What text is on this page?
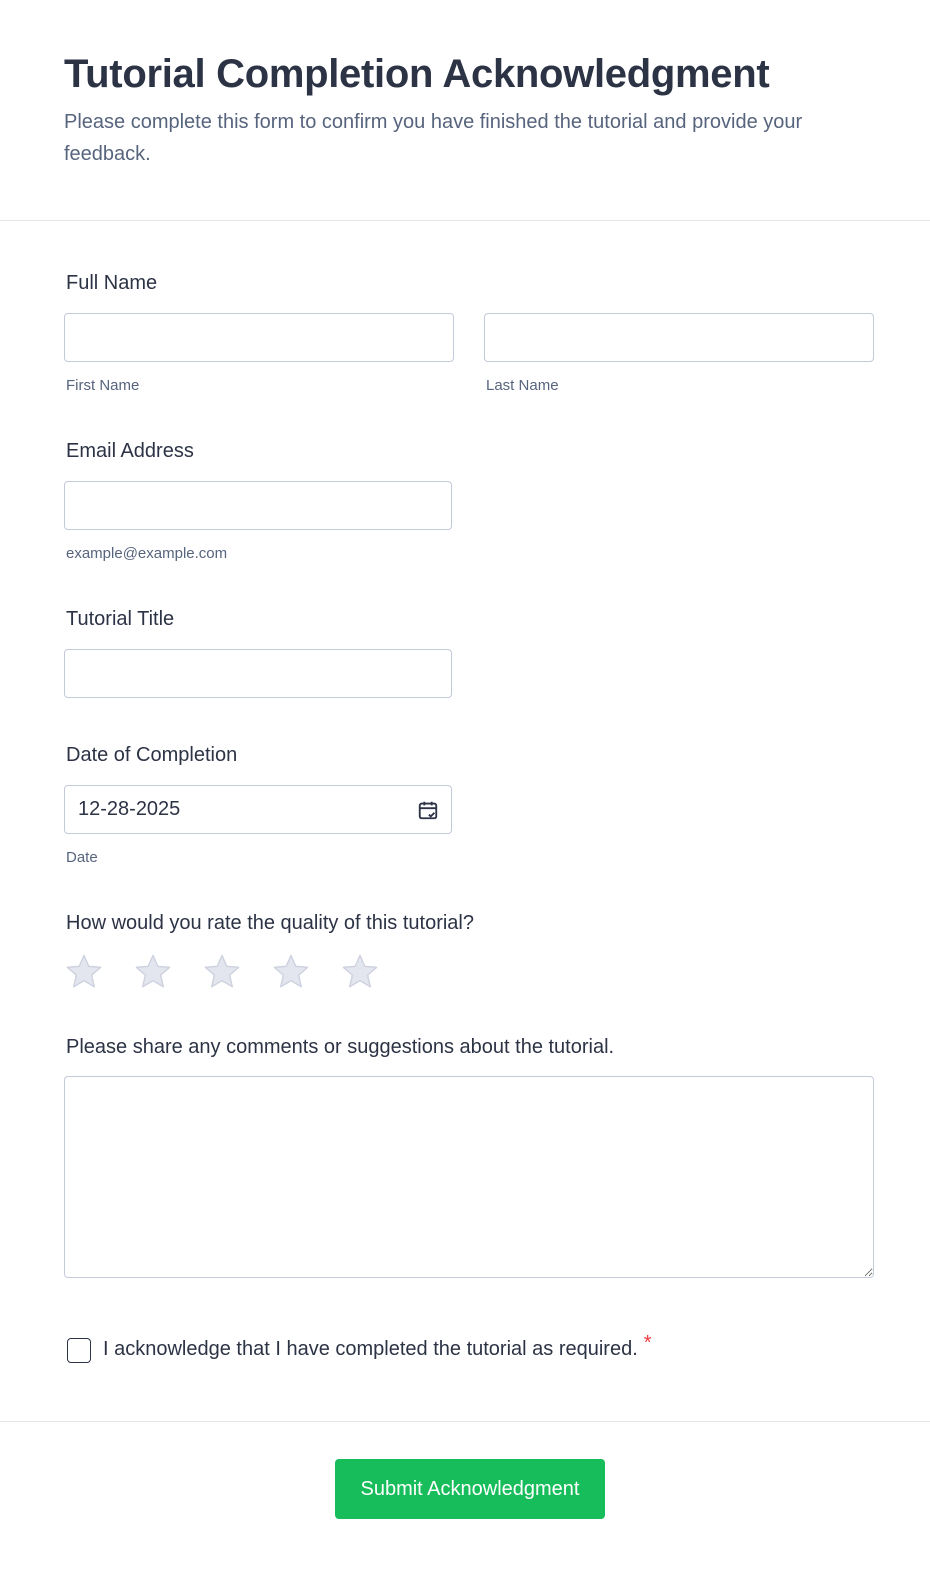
Tutorial Completion Acknowledgment

Please complete this form to confirm you have finished the tutorial and provide your feedback.

Full Name
First Name	Last Name
Email Address
example@example.com
Tutorial Title
Date of Completion
12-28-2025
Date
How would you rate the quality of this tutorial?
Please share any comments or suggestions about the tutorial.
I acknowledge that I have completed the tutorial as required. *
Submit Acknowledgment
